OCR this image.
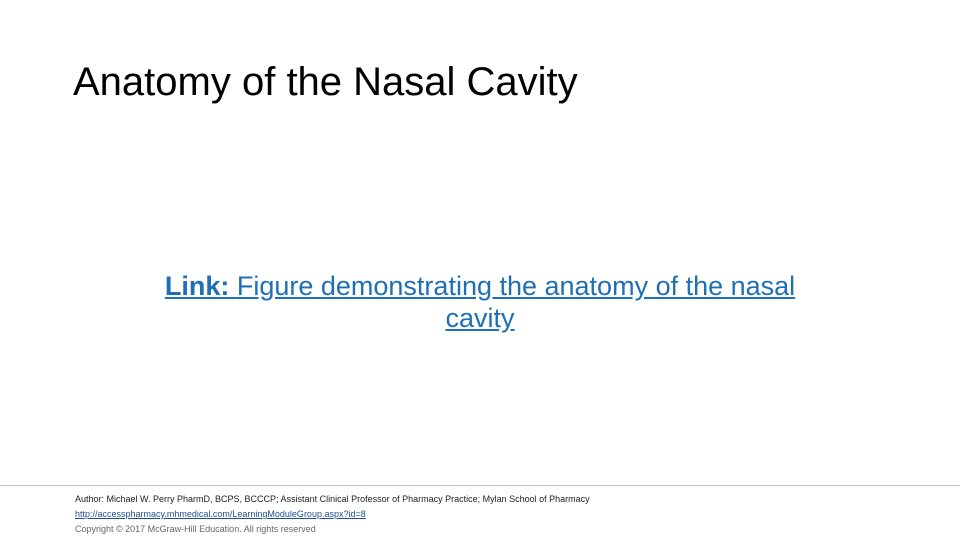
Anatomy of the Nasal Cavity
Link: Figure demonstrating the anatomy of the nasal
cavity
Author: Michael W. Perry PharmD, BCPS, BCCCP; Assistant Clinical Professor of Pharmacy Practice; Mylan School of Pharmacy
http://accesspharmacy.mhmedical.com/LearningModuleGroup.aspx?id=8
Copyright © 2017 McGraw-Hill Education. All rights reserved
